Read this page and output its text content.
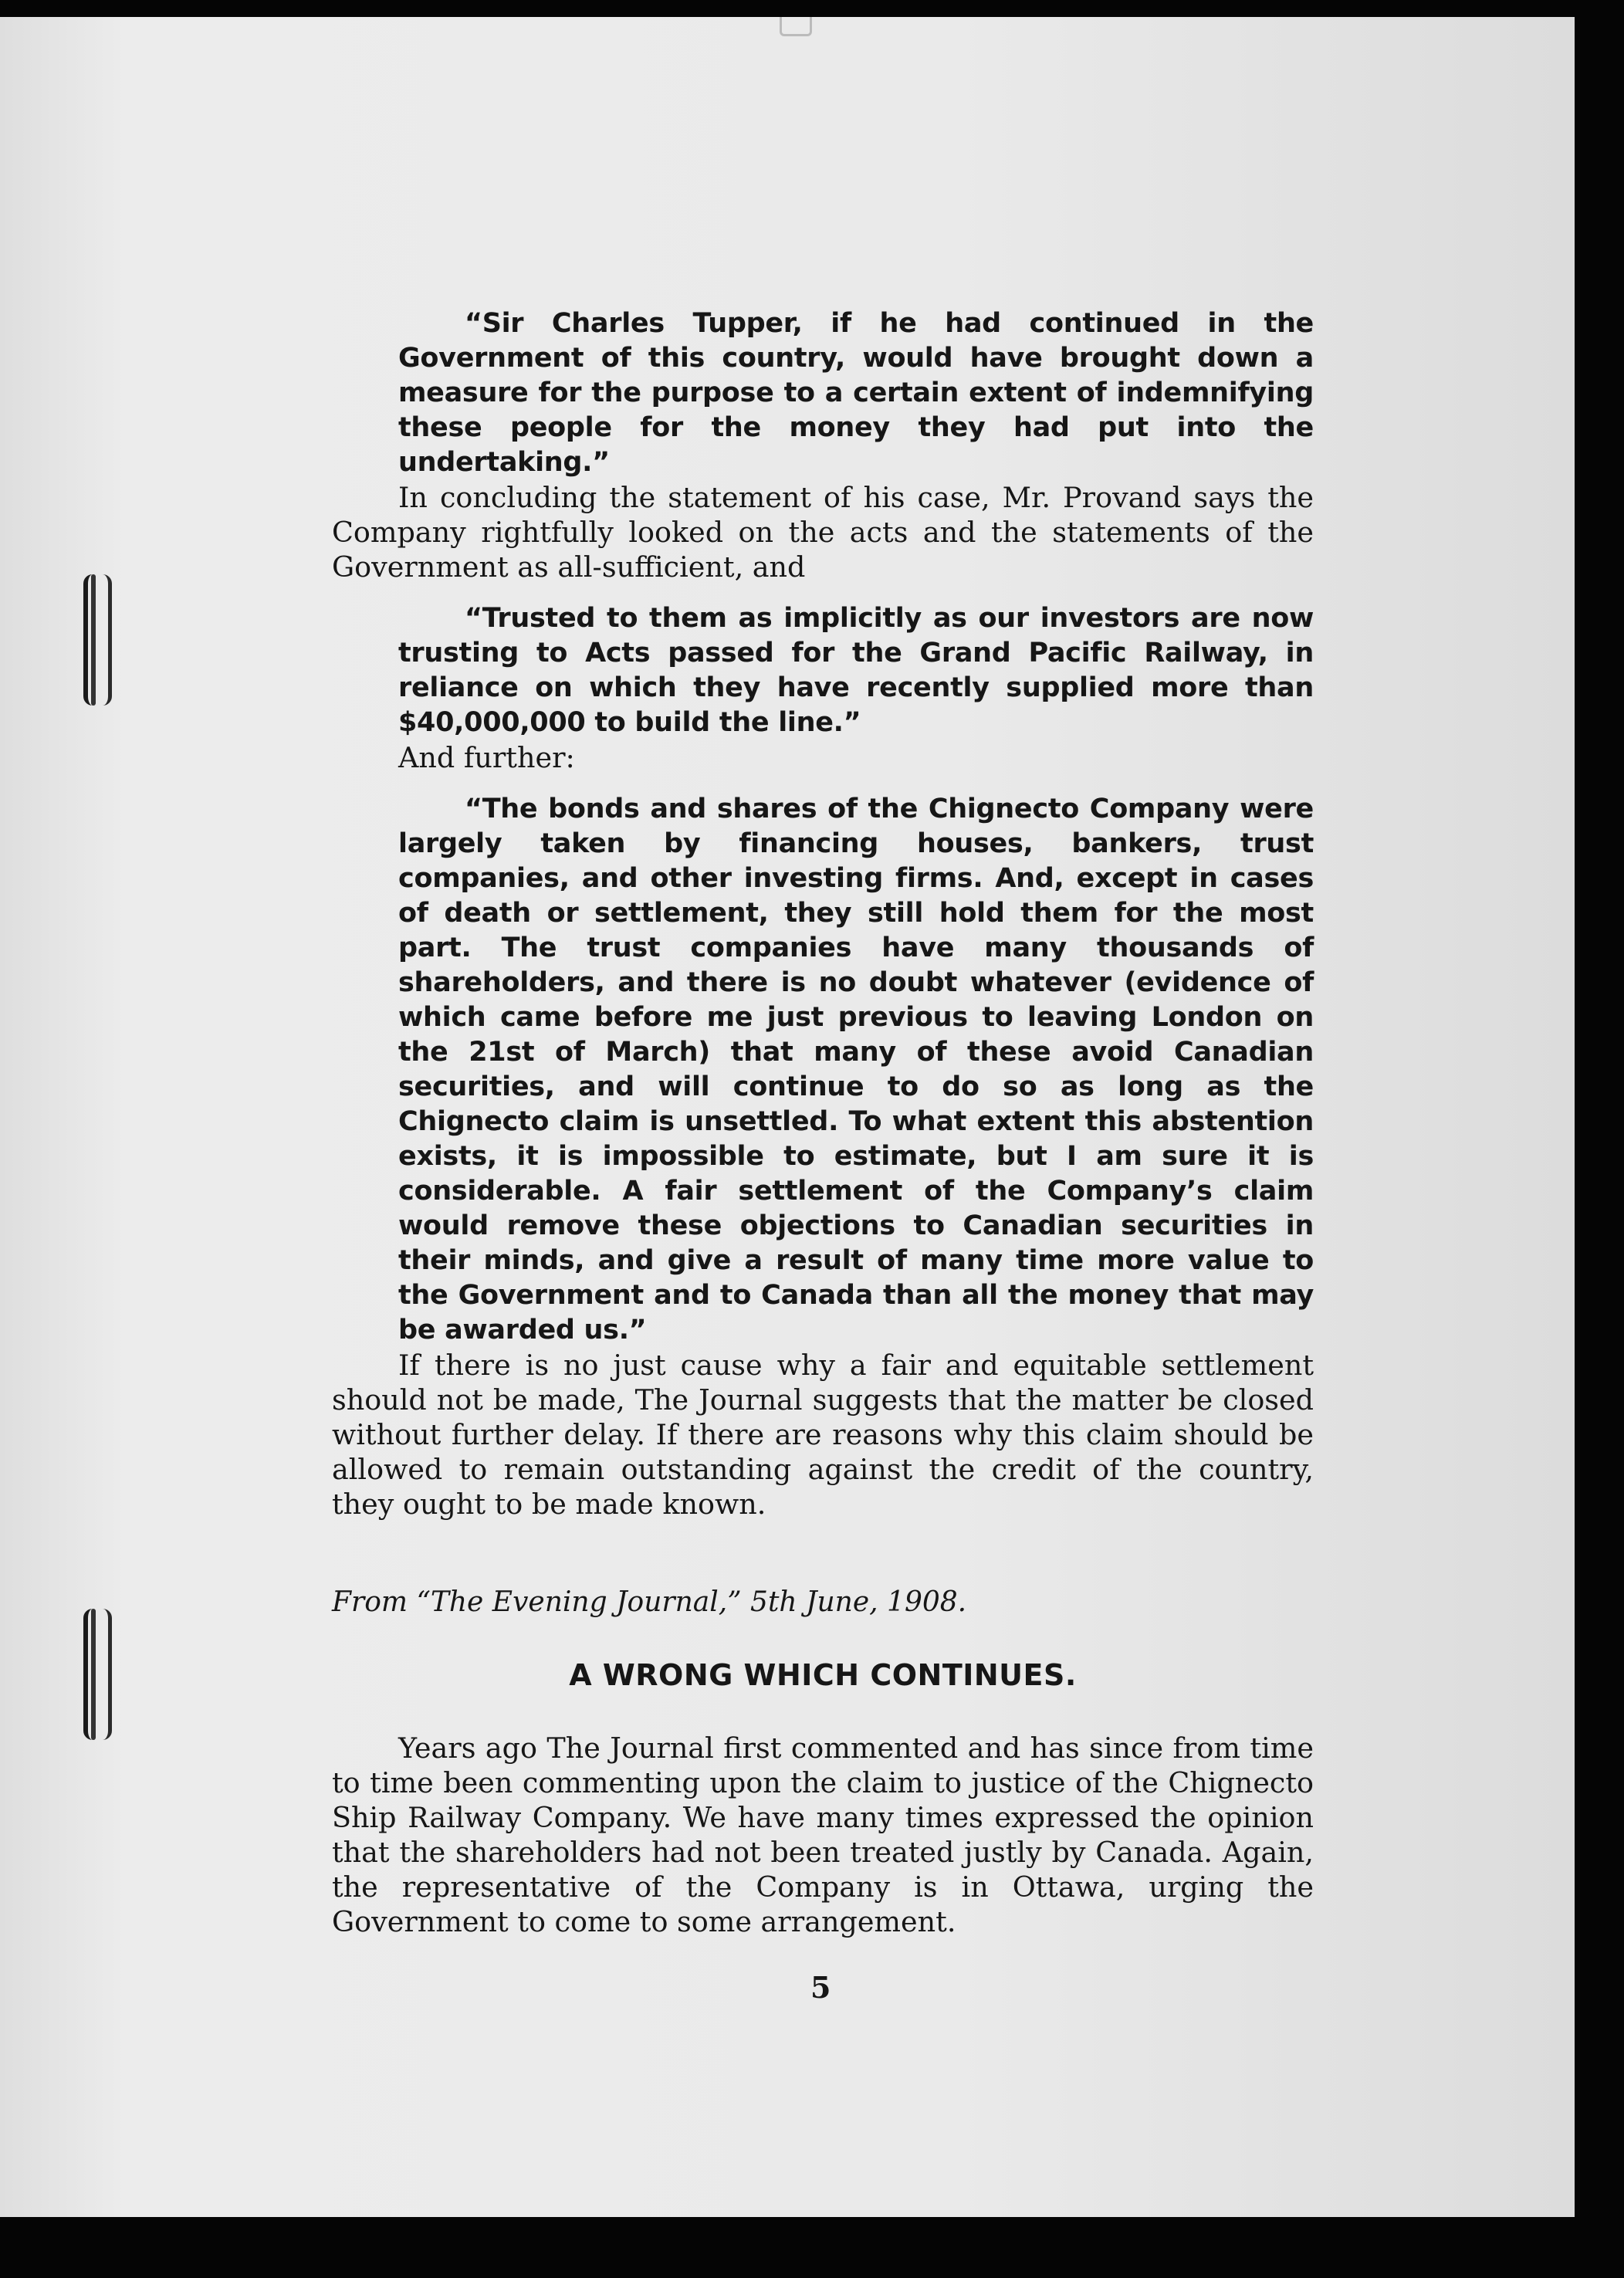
“Sir Charles Tupper, if he had continued in the Government of this country, would have brought down a measure for the purpose to a certain extent of indemnifying these people for the money they had put into the undertaking.”

In concluding the statement of his case, Mr. Provand says the Company rightfully looked on the acts and the statements of the Government as all-sufficient, and

“Trusted to them as implicitly as our investors are now trusting to Acts passed for the Grand Pacific Railway, in reliance on which they have recently supplied more than $40,000,000 to build the line.”

And further:

“The bonds and shares of the Chignecto Company were largely taken by financing houses, bankers, trust companies, and other investing firms. And, except in cases of death or settlement, they still hold them for the most part. The trust companies have many thousands of shareholders, and there is no doubt whatever (evidence of which came before me just previous to leaving London on the 21st of March) that many of these avoid Canadian securities, and will continue to do so as long as the Chignecto claim is unsettled. To what extent this abstention exists, it is impossible to estimate, but I am sure it is considerable. A fair settlement of the Company’s claim would remove these objections to Canadian securities in their minds, and give a result of many time more value to the Government and to Canada than all the money that may be awarded us.”

If there is no just cause why a fair and equitable settlement should not be made, The Journal suggests that the matter be closed without further delay. If there are reasons why this claim should be allowed to remain outstanding against the credit of the country, they ought to be made known.

From “The Evening Journal,” 5th June, 1908.

A WRONG WHICH CONTINUES.

Years ago The Journal first commented and has since from time to time been commenting upon the claim to justice of the Chignecto Ship Railway Company. We have many times expressed the opinion that the shareholders had not been treated justly by Canada. Again, the representative of the Company is in Ottawa, urging the Government to come to some arrangement.

5
